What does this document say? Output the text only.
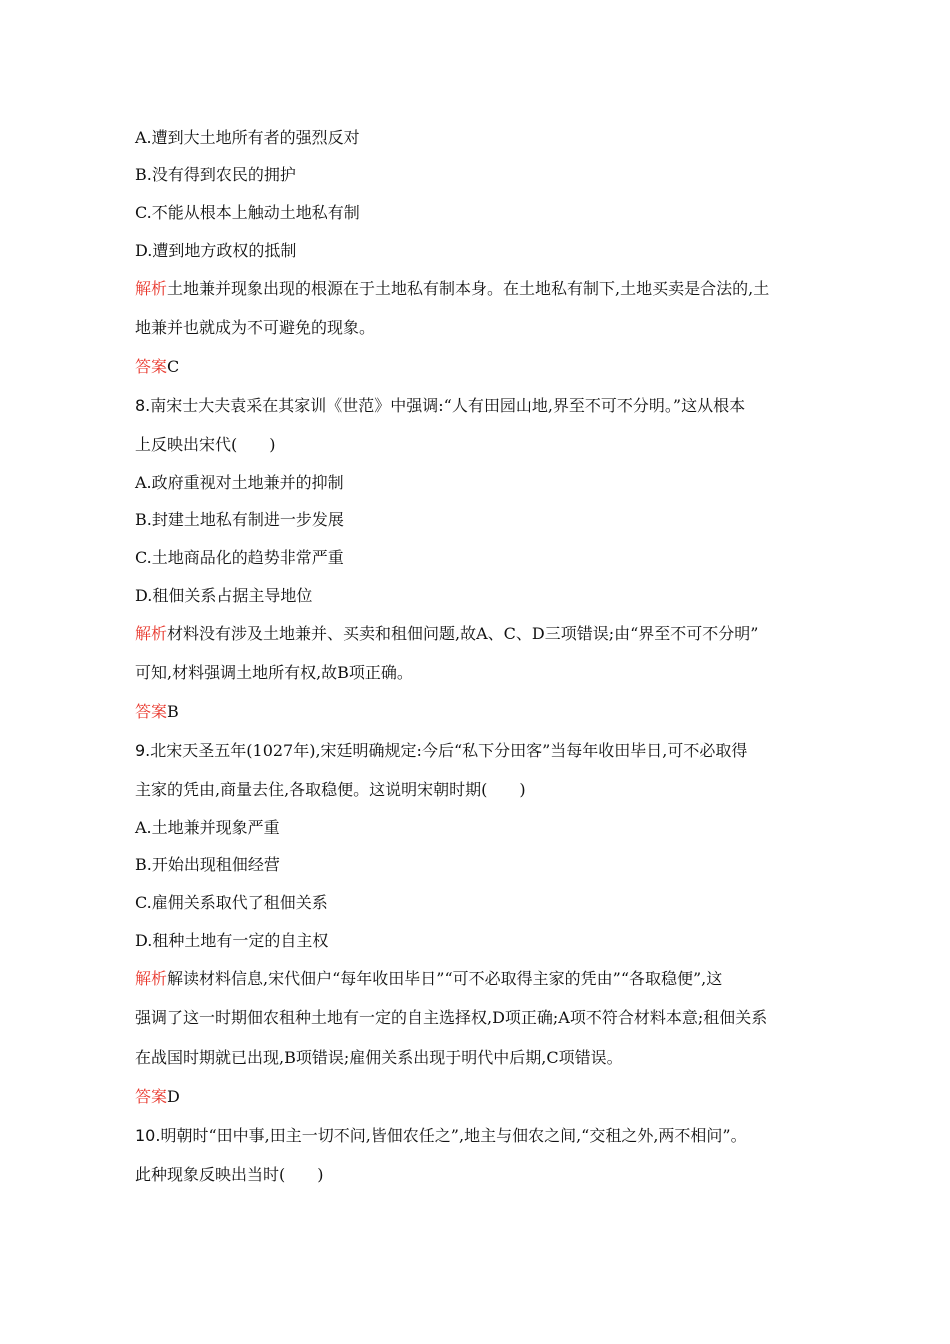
A.遭到大土地所有者的强烈反对
B.没有得到农民的拥护
C.不能从根本上触动土地私有制
D.遭到地方政权的抵制
解析土地兼并现象出现的根源在于土地私有制本身。在土地私有制下,土地买卖是合法的,土
地兼并也就成为不可避免的现象。
答案C
8.南宋士大夫袁采在其家训《世范》中强调:“人有田园山地,界至不可不分明。”这从根本
上反映出宋代(　　)
A.政府重视对土地兼并的抑制
B.封建土地私有制进一步发展
C.土地商品化的趋势非常严重
D.租佃关系占据主导地位
解析材料没有涉及土地兼并、买卖和租佃问题,故A、C、D三项错误;由“界至不可不分明”
可知,材料强调土地所有权,故B项正确。
答案B
9.北宋天圣五年(1027年),宋廷明确规定:今后“私下分田客”当每年收田毕日,可不必取得
主家的凭由,商量去住,各取稳便。这说明宋朝时期(　　)
A.土地兼并现象严重
B.开始出现租佃经营
C.雇佣关系取代了租佃关系
D.租种土地有一定的自主权
解析解读材料信息,宋代佃户“每年收田毕日”“可不必取得主家的凭由”“各取稳便”,这
强调了这一时期佃农租种土地有一定的自主选择权,D项正确;A项不符合材料本意;租佃关系
在战国时期就已出现,B项错误;雇佣关系出现于明代中后期,C项错误。
答案D
10.明朝时“田中事,田主一切不问,皆佃农任之”,地主与佃农之间,“交租之外,两不相问”。
此种现象反映出当时(　　)
